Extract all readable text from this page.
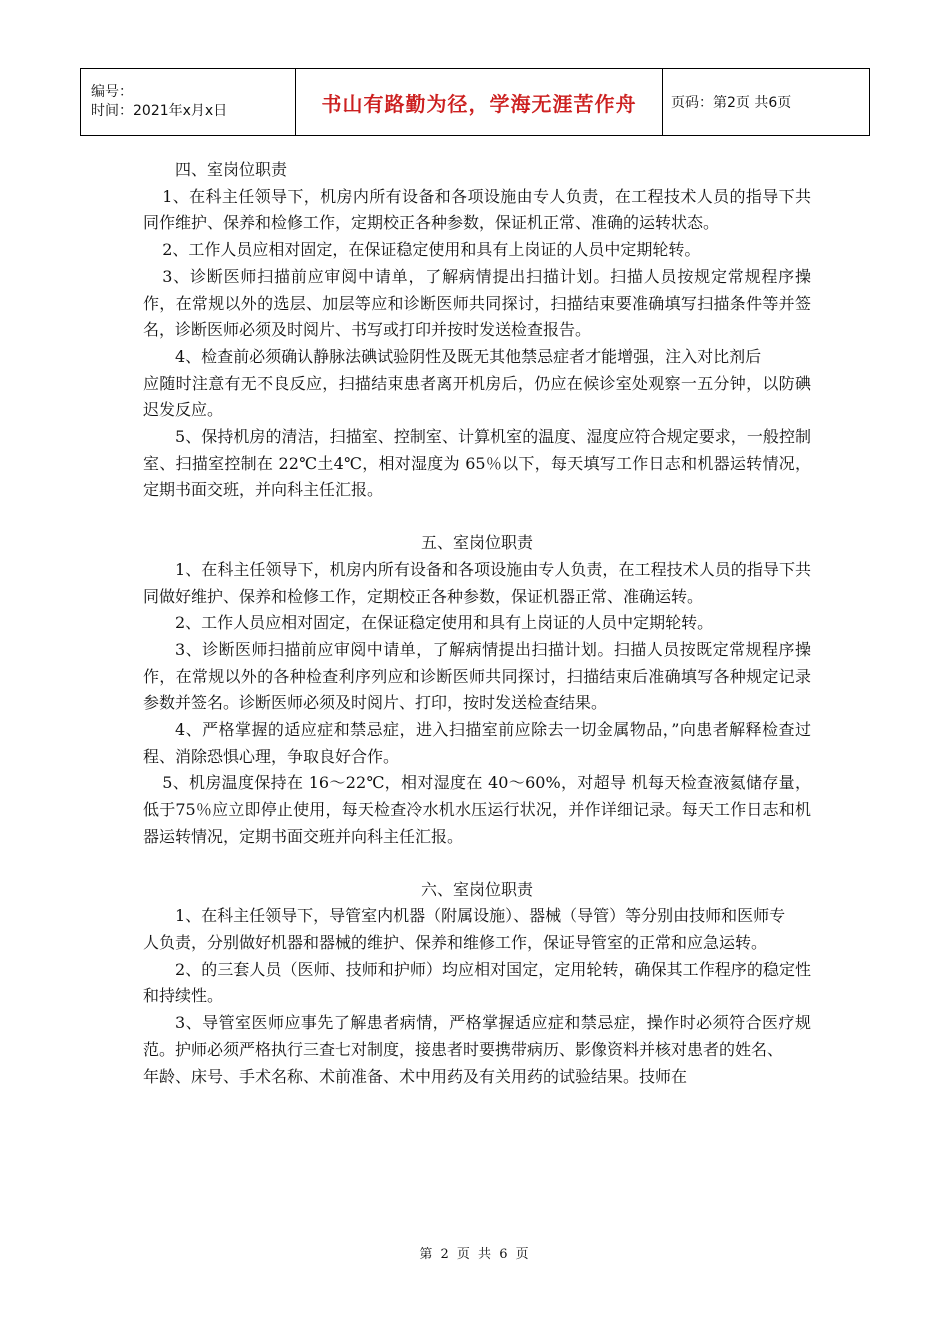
编号：
时间：2021年x月x日	书山有路勤为径，学海无涯苦作舟	页码：第2页 共6页

四、室岗位职责

1、在科主任领导下，机房内所有设备和各项设施由专人负责，在工程技术人员的指导下共同作维护、保养和检修工作，定期校正各种参数，保证机正常、准确的运转状态。

2、工作人员应相对固定，在保证稳定使用和具有上岗证的人员中定期轮转。

3、诊断医师扫描前应审阅中请单，了解病情提出扫描计划。扫描人员按规定常规程序操作，在常规以外的选层、加层等应和诊断医师共同探讨，扫描结束要准确填写扫描条件等并签名，诊断医师必须及时阅片、书写或打印并按时发送检查报告。

4、检查前必须确认静脉法碘试验阴性及既无其他禁忌症者才能增强，注入对比剂后

应随时注意有无不良反应，扫描结束患者离开机房后，仍应在候诊室处观察一五分钟，以防碘迟发反应。

5、保持机房的清洁，扫描室、控制室、计算机室的温度、湿度应符合规定要求，一般控制室、扫描室控制在 22℃土4℃，相对湿度为 65％以下，每天填写工作日志和机器运转情况，定期书面交班，并向科主任汇报。

五、室岗位职责

1、在科主任领导下，机房内所有设备和各项设施由专人负责，在工程技术人员的指导下共同做好维护、保养和检修工作，定期校正各种参数，保证机器正常、准确运转。

2、工作人员应相对固定，在保证稳定使用和具有上岗证的人员中定期轮转。

3、诊断医师扫描前应审阅中请单，了解病情提出扫描计划。扫描人员按既定常规程序操作，在常规以外的各种检查利序列应和诊断医师共同探讨，扫描结束后准确填写各种规定记录参数并签名。诊断医师必须及时阅片、打印，按时发送检查结果。

4、严格掌握的适应症和禁忌症，进入扫描室前应除去一切金属物品，”向患者解释检查过程、消除恐惧心理，争取良好合作。

5、机房温度保持在 16～22℃，相对湿度在 40～60%，对超导 机每天检查液氦储存量，低于75％应立即停止使用，每天检查冷水机水压运行状况，并作详细记录。每天工作日志和机器运转情况，定期书面交班并向科主任汇报。

六、室岗位职责

1、在科主任领导下，导管室内机器（附属设施）、器械（导管）等分别由技师和医师专

人负责，分别做好机器和器械的维护、保养和维修工作，保证导管室的正常和应急运转。

2、的三套人员（医师、技师和护师）均应相对国定，定用轮转，确保其工作程序的稳定性和持续性。

3、导管室医师应事先了解患者病情，严格掌握适应症和禁忌症，操作时必须符合医疗规范。护师必须严格执行三查七对制度，接患者时要携带病历、影像资料并核对患者的姓名、

年龄、床号、手术名称、术前准备、术中用药及有关用药的试验结果。技师在

第 2 页 共 6 页
